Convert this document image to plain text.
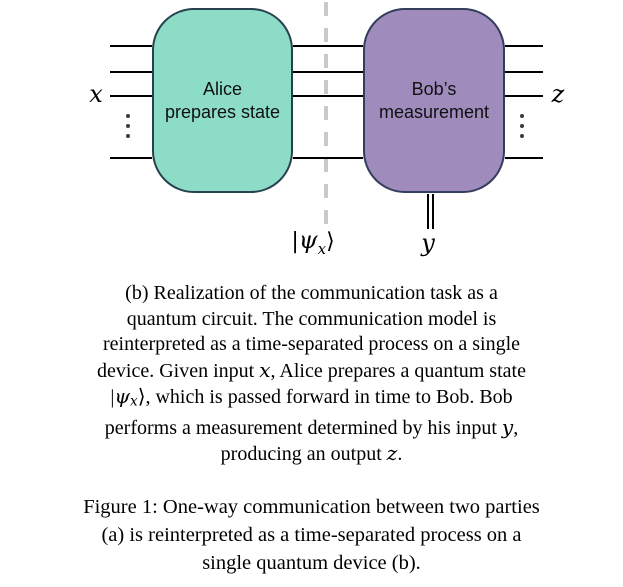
Alice
prepares state
Bob’s
measurement
x	z
y
$|\psi_x⟩$
(b) Realization of the communication task as a
quantum circuit. The communication model is
reinterpreted as a time-separated process on a single
device. Given input x, Alice prepares a quantum state
|ψx⟩, which is passed forward in time to Bob. Bob
performs a measurement determined by his input y,
producing an output z.
Figure 1: One-way communication between two parties
(a) is reinterpreted as a time-separated process on a
single quantum device (b).
